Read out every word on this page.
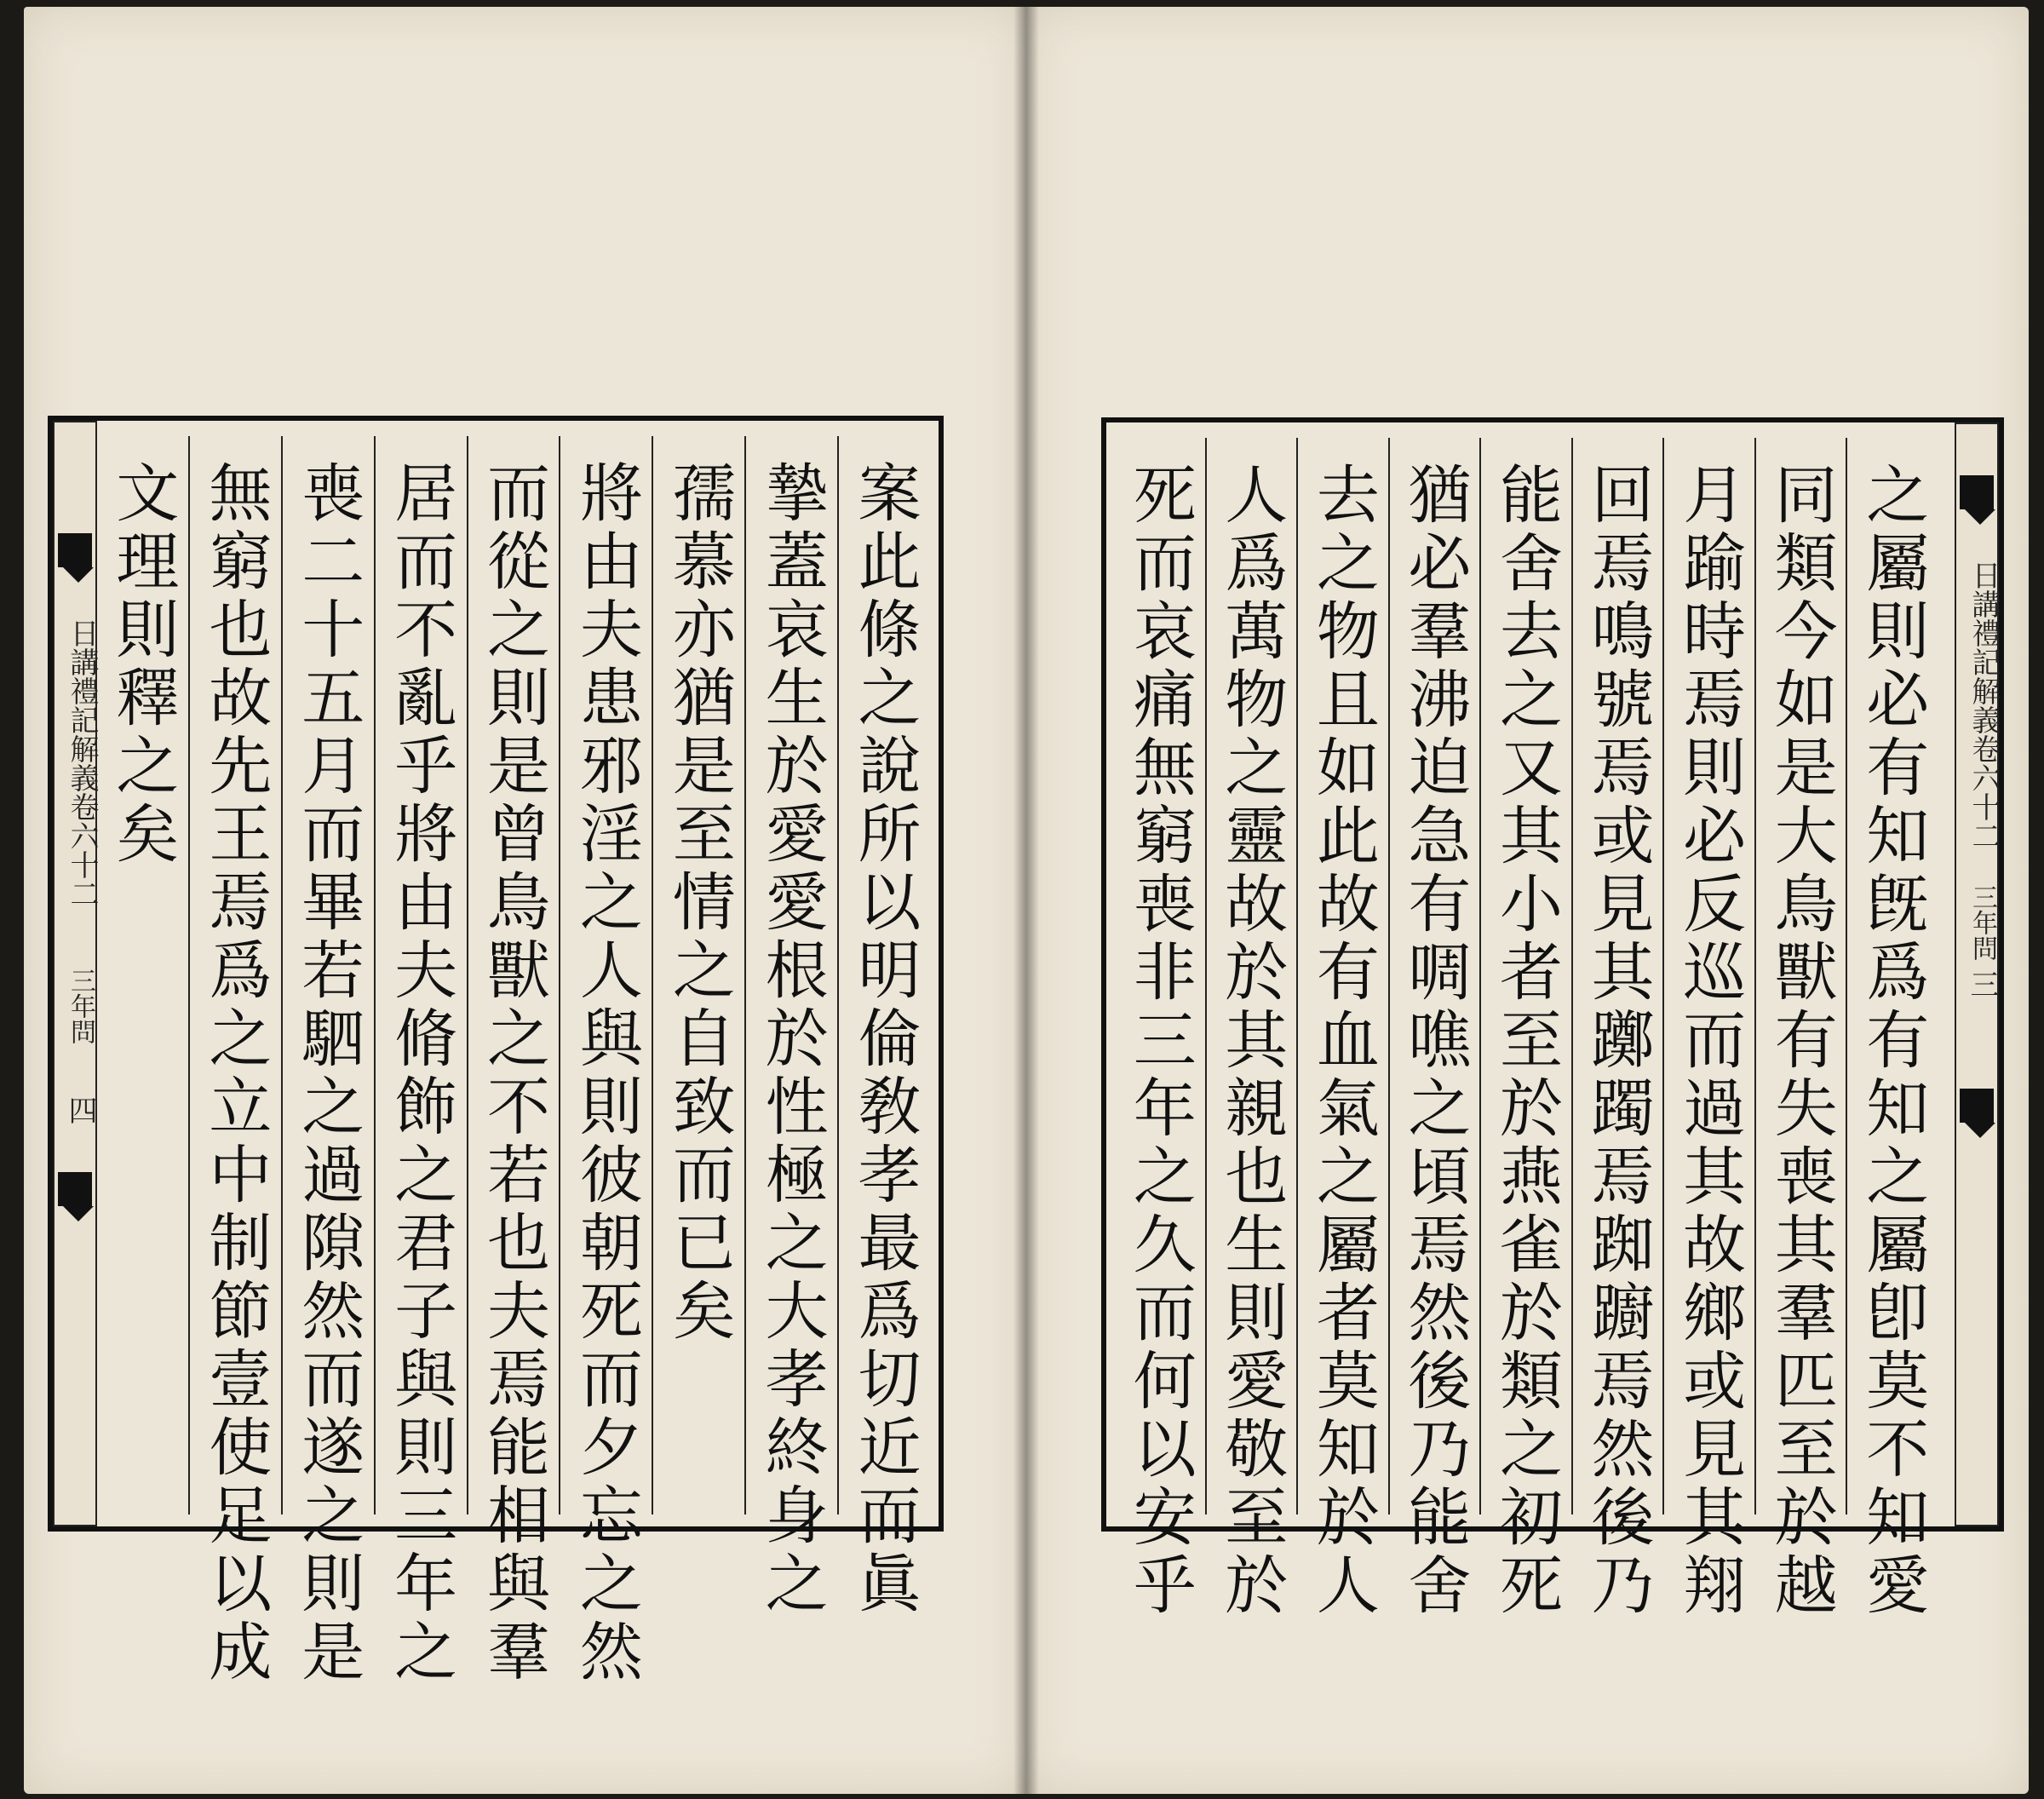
日講禮記解義卷六十二
三年問
四	案此條之說所以明倫敎孝最爲切近而眞
摯蓋哀生於愛愛根於性極之大孝終身之
孺慕亦猶是至情之自致而已矣
將由夫患邪淫之人與則彼朝死而夕忘之然
而從之則是曾鳥獸之不若也夫焉能相與羣
居而不亂乎將由夫脩飾之君子與則三年之
喪二十五月而畢若駟之過隙然而遂之則是
無窮也故先王焉爲之立中制節壹使足以成
文理則釋之矣	之屬則必有知旣爲有知之屬卽莫不知愛
同類今如是大鳥獸有失喪其羣匹至於越
月踰時焉則必反巡而過其故鄉或見其翔
回焉鳴號焉或見其躑躅焉踟躕焉然後乃
能舍去之又其小者至於燕雀於類之初死
猶必羣沸迫急有啁噍之頃焉然後乃能舍
去之物且如此故有血氣之屬者莫知於人
人爲萬物之靈故於其親也生則愛敬至於
死而哀痛無窮喪非三年之久而何以安乎	日講禮記解義卷六十二
三年問
三
